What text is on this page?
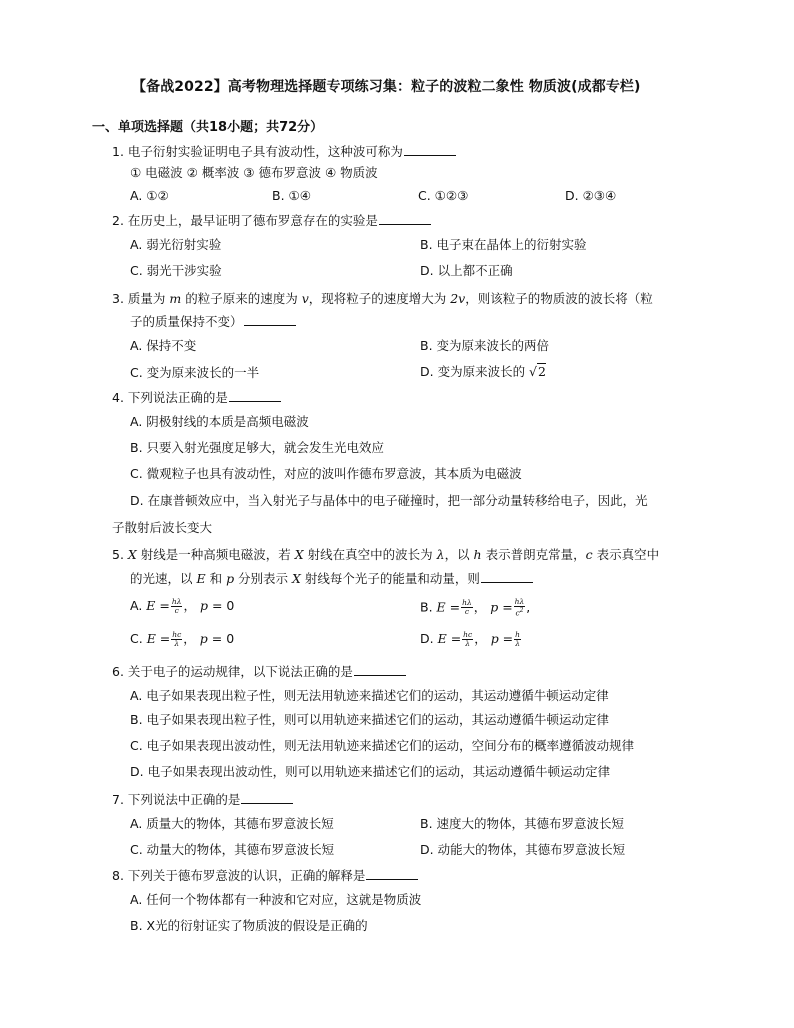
【备战2022】高考物理选择题专项练习集：粒子的波粒二象性 物质波(成都专栏)
一、单项选择题（共18小题；共72分）
1. 电子衍射实验证明电子具有波动性，这种波可称为
① 电磁波 ② 概率波 ③ 德布罗意波 ④ 物质波
A. ①②	B. ①④	C. ①②③	D. ②③④
2. 在历史上，最早证明了德布罗意存在的实验是
A. 弱光衍射实验	B. 电子束在晶体上的衍射实验
C. 弱光干涉实验	D. 以上都不正确
3. 质量为 m 的粒子原来的速度为 v，现将粒子的速度增大为 2v，则该粒子的物质波的波长将（粒
子的质量保持不变）
A. 保持不变	B. 变为原来波长的两倍
C. 变为原来波长的一半	D. 变为原来波长的 √2
4. 下列说法正确的是
A. 阴极射线的本质是高频电磁波
B. 只要入射光强度足够大，就会发生光电效应
C. 微观粒子也具有波动性，对应的波叫作德布罗意波，其本质为电磁波
D. 在康普顿效应中，当入射光子与晶体中的电子碰撞时，把一部分动量转移给电子，因此，光
子散射后波长变大
5. X 射线是一种高频电磁波，若 X 射线在真空中的波长为 λ，以 h 表示普朗克常量，c 表示真空中
的光速，以 E 和 p 分别表示 X 射线每个光子的能量和动量，则
A. $E = \frac{h\lambda}{c}$ ， p = 0	B. $E = \frac{h\lambda}{c}$ ， $p = \frac{h\lambda}{c^2}$ ,
C. $E = \frac{hc}{\lambda}$ ， p = 0	D. $E = \frac{hc}{\lambda}$ ， $p = \frac{h}{\lambda}$
6. 关于电子的运动规律，以下说法正确的是
A. 电子如果表现出粒子性，则无法用轨迹来描述它们的运动，其运动遵循牛顿运动定律
B. 电子如果表现出粒子性，则可以用轨迹来描述它们的运动，其运动遵循牛顿运动定律
C. 电子如果表现出波动性，则无法用轨迹来描述它们的运动，空间分布的概率遵循波动规律
D. 电子如果表现出波动性，则可以用轨迹来描述它们的运动，其运动遵循牛顿运动定律
7. 下列说法中正确的是
A. 质量大的物体，其德布罗意波长短	B. 速度大的物体，其德布罗意波长短
C. 动量大的物体，其德布罗意波长短	D. 动能大的物体，其德布罗意波长短
8. 下列关于德布罗意波的认识，正确的解释是
A. 任何一个物体都有一种波和它对应，这就是物质波
B. X光的衍射证实了物质波的假设是正确的
